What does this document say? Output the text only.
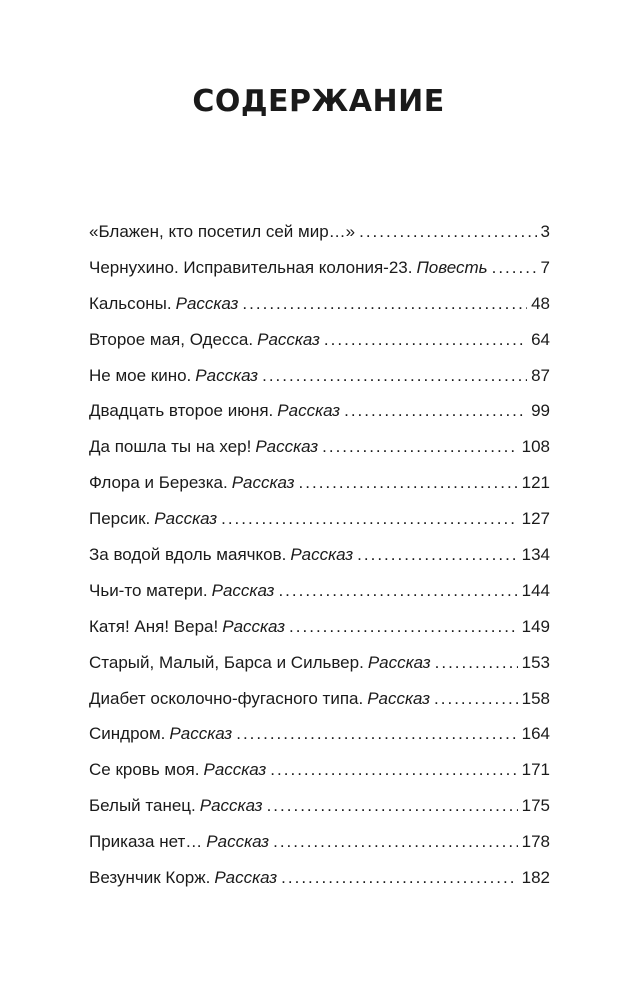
СОДЕРЖАНИЕ
«Блажен, кто посетил сей мир…» .....	3
Чернухино. Исправительная колония-23. Повесть .....	7
Кальсоны. Рассказ .....	48
Второе мая, Одесса. Рассказ .....	64
Не мое кино. Рассказ .....	87
Двадцать второе июня. Рассказ .....	99
Да пошла ты на хер! Рассказ .....	108
Флора и Березка. Рассказ .....	121
Персик. Рассказ .....	127
За водой вдоль маячков. Рассказ .....	134
Чьи-то матери. Рассказ .....	144
Катя! Аня! Вера! Рассказ .....	149
Старый, Малый, Барса и Сильвер. Рассказ .....	153
Диабет осколочно-фугасного типа. Рассказ .....	158
Синдром. Рассказ .....	164
Се кровь моя. Рассказ .....	171
Белый танец. Рассказ .....	175
Приказа нет… Рассказ .....	178
Везунчик Корж. Рассказ .....	182
